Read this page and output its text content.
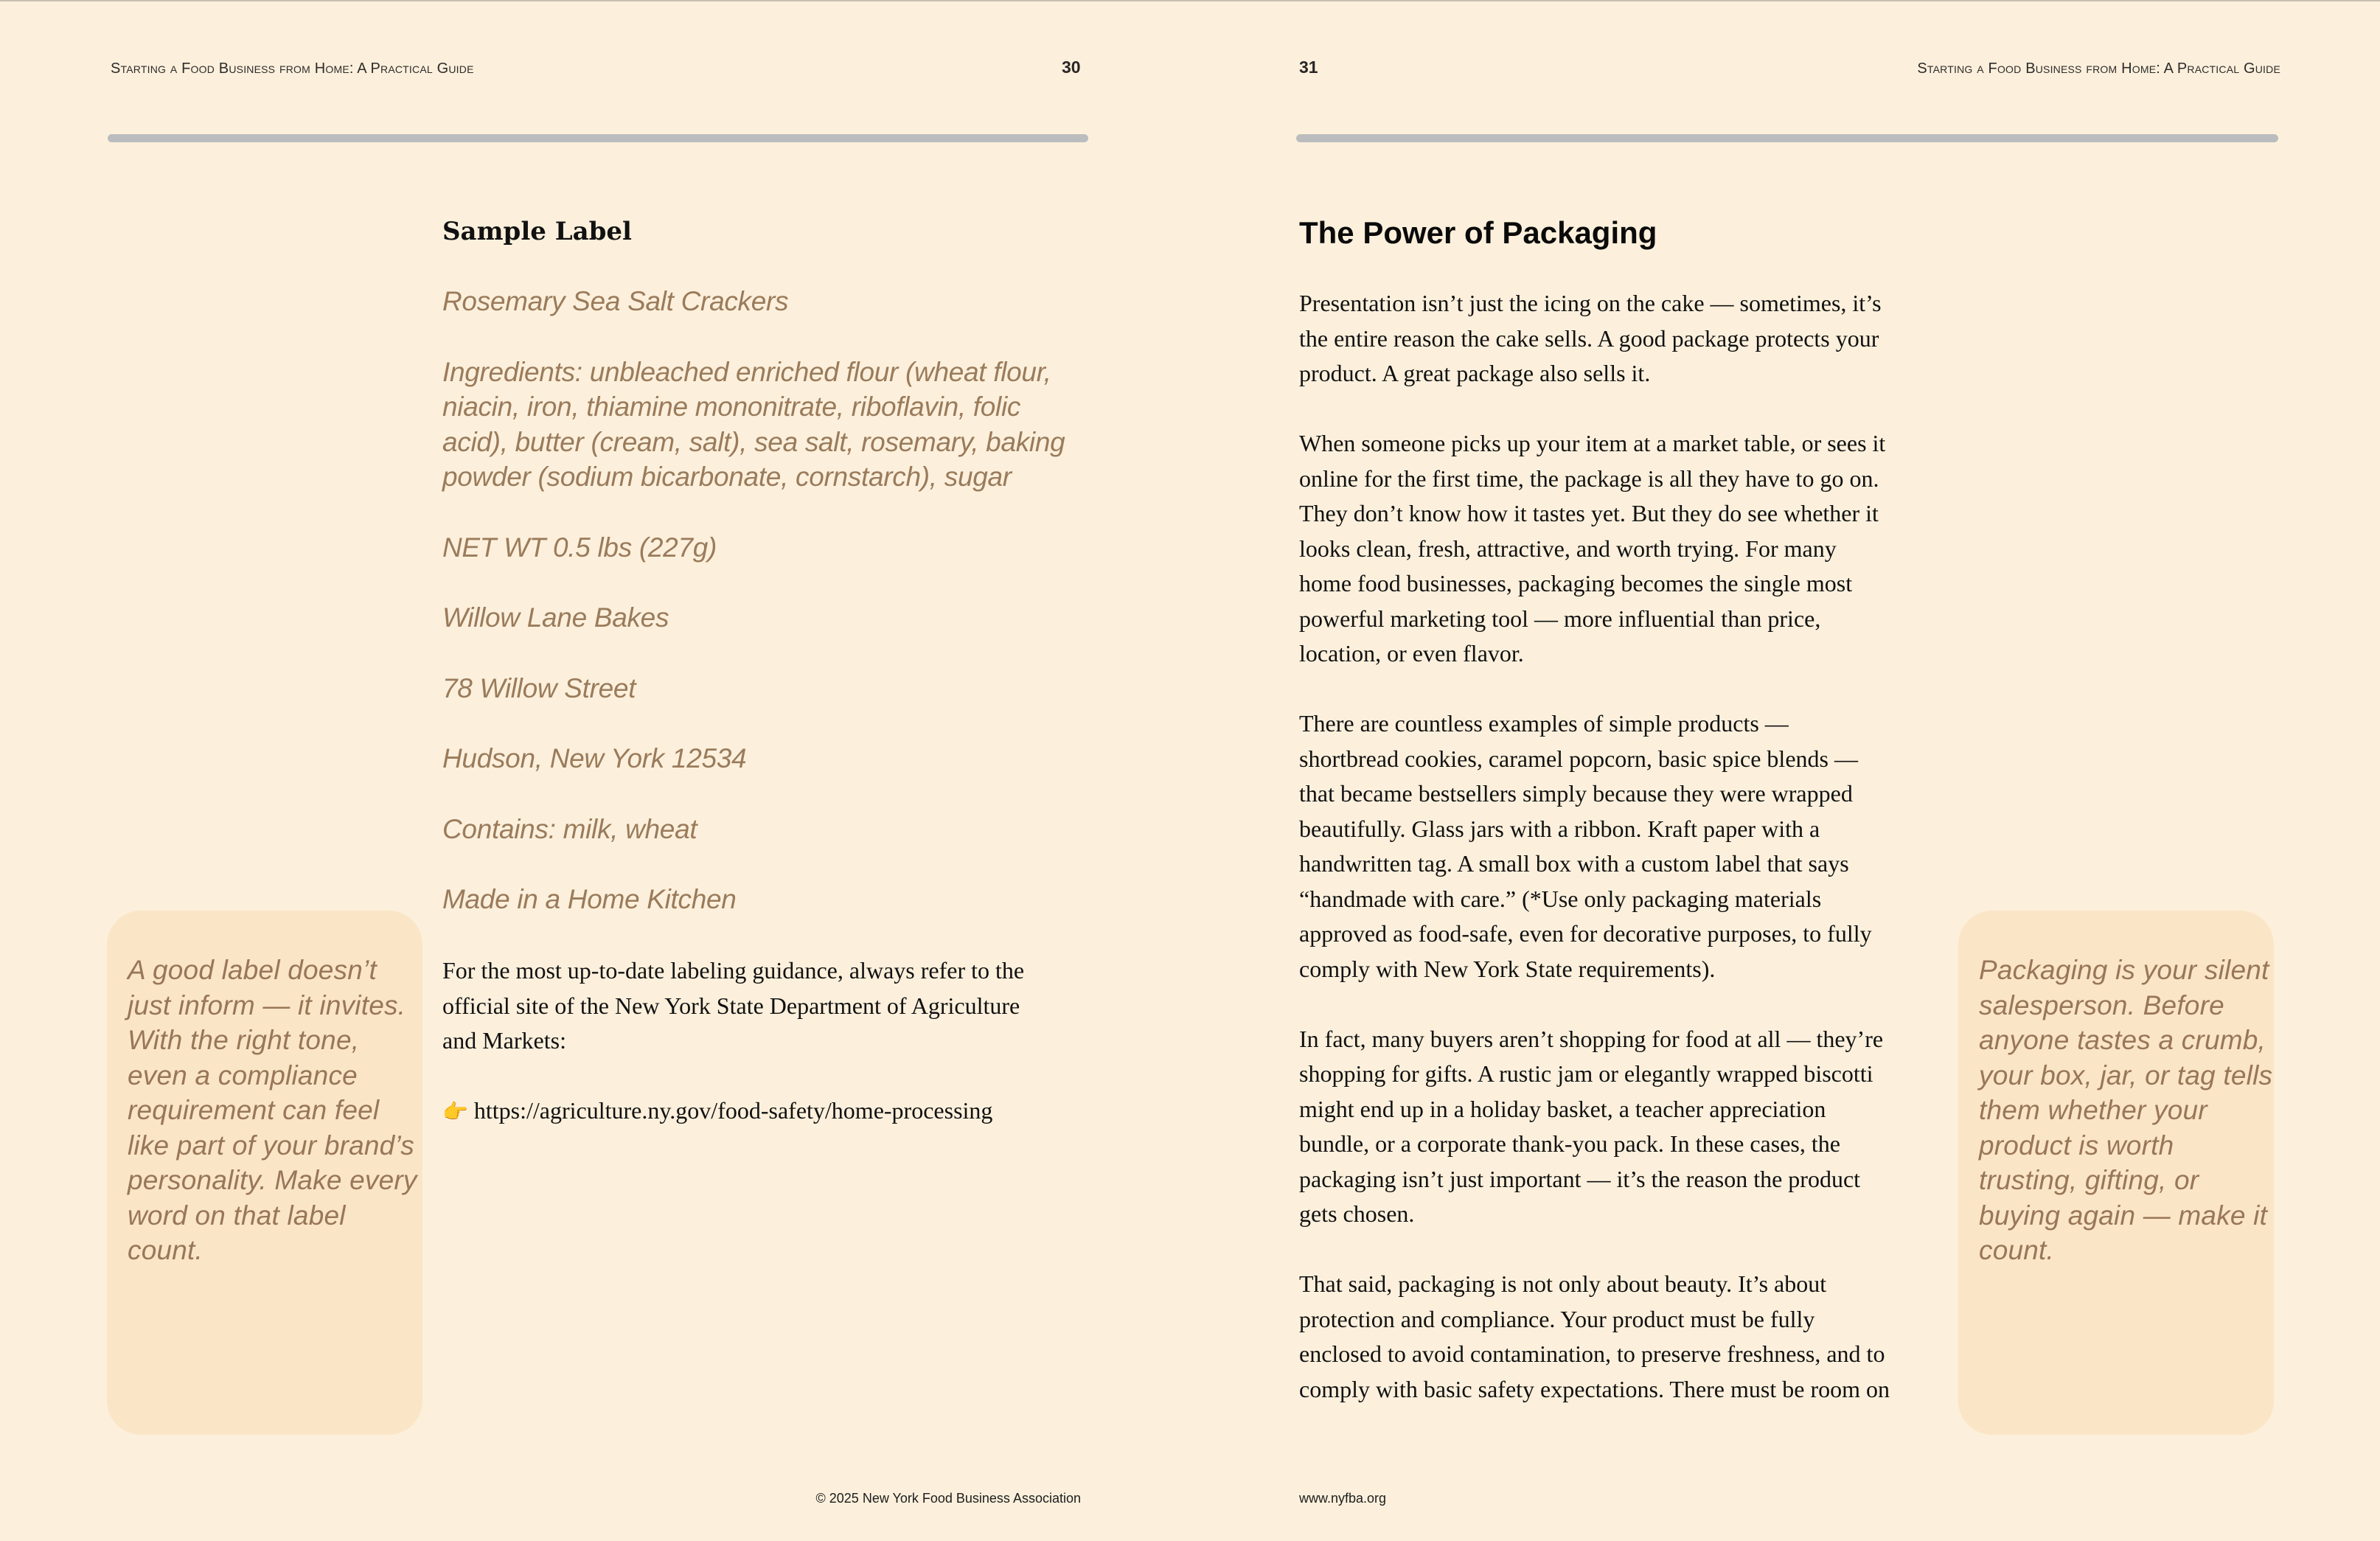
Starting a Food Business from Home: A Practical Guide	30
A good label doesn’t
just inform — it invites.
With the right tone,
even a compliance
requirement can feel
like part of your brand’s
personality. Make every
word on that label
count.
Sample Label
Rosemary Sea Salt Crackers
Ingredients: unbleached enriched flour (wheat flour,
niacin, iron, thiamine mononitrate, riboflavin, folic
acid), butter (cream, salt), sea salt, rosemary, baking
powder (sodium bicarbonate, cornstarch), sugar
NET WT 0.5 lbs (227g)
Willow Lane Bakes
78 Willow Street
Hudson, New York 12534
Contains: milk, wheat
Made in a Home Kitchen
For the most up-to-date labeling guidance, always refer to the
official site of the New York State Department of Agriculture
and Markets:
👉 https://agriculture.ny.gov/food-safety/home-processing
© 2025 New York Food Business Association
31	Starting a Food Business from Home: A Practical Guide
The Power of Packaging
Presentation isn’t just the icing on the cake — sometimes, it’s
the entire reason the cake sells. A good package protects your
product. A great package also sells it.
When someone picks up your item at a market table, or sees it
online for the first time, the package is all they have to go on.
They don’t know how it tastes yet. But they do see whether it
looks clean, fresh, attractive, and worth trying. For many
home food businesses, packaging becomes the single most
powerful marketing tool — more influential than price,
location, or even flavor.
There are countless examples of simple products —
shortbread cookies, caramel popcorn, basic spice blends —
that became bestsellers simply because they were wrapped
beautifully. Glass jars with a ribbon. Kraft paper with a
handwritten tag. A small box with a custom label that says
“handmade with care.” (*Use only packaging materials
approved as food-safe, even for decorative purposes, to fully
comply with New York State requirements).
In fact, many buyers aren’t shopping for food at all — they’re
shopping for gifts. A rustic jam or elegantly wrapped biscotti
might end up in a holiday basket, a teacher appreciation
bundle, or a corporate thank-you pack. In these cases, the
packaging isn’t just important — it’s the reason the product
gets chosen.
That said, packaging is not only about beauty. It’s about
protection and compliance. Your product must be fully
enclosed to avoid contamination, to preserve freshness, and to
comply with basic safety expectations. There must be room on
Packaging is your silent
salesperson. Before
anyone tastes a crumb,
your box, jar, or tag tells
them whether your
product is worth
trusting, gifting, or
buying again — make it
count.
www.nyfba.org
